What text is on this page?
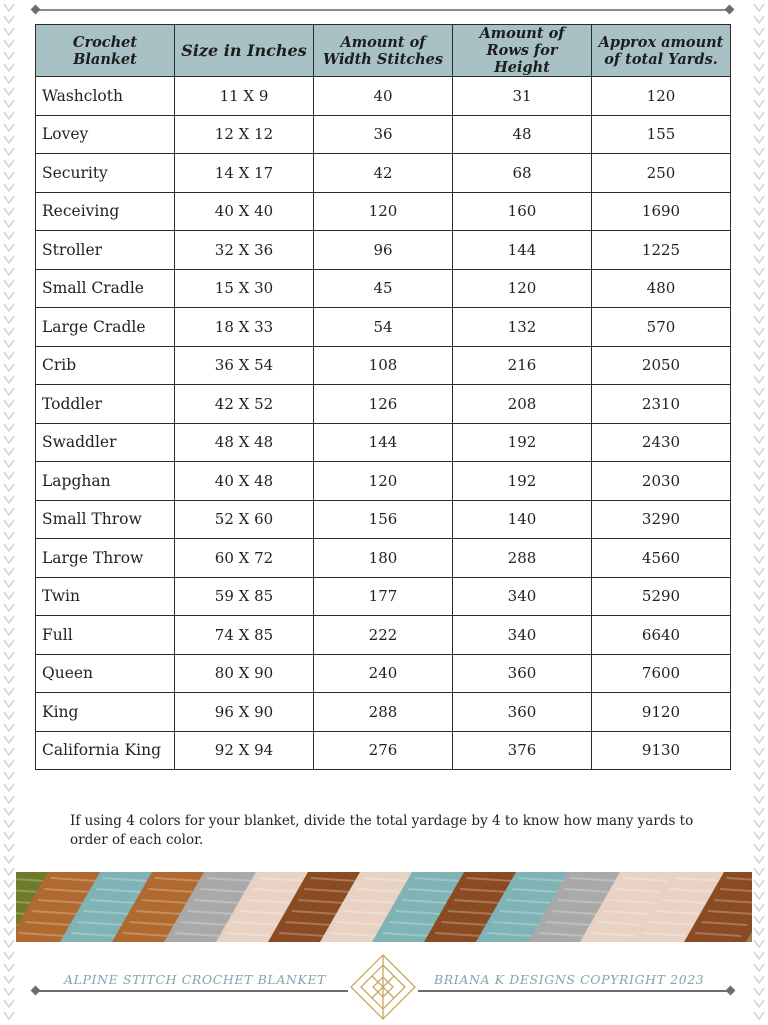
Crochet Blanket	Size in Inches	Amount of Width Stitches	Amount of Rows for Height	Approx amount of total Yards.
Washcloth	11 X 9	40	31	120
Lovey	12 X 12	36	48	155
Security	14 X 17	42	68	250
Receiving	40 X 40	120	160	1690
Stroller	32 X 36	96	144	1225
Small Cradle	15 X 30	45	120	480
Large Cradle	18 X 33	54	132	570
Crib	36 X 54	108	216	2050
Toddler	42 X 52	126	208	2310
Swaddler	48 X 48	144	192	2430
Lapghan	40 X 48	120	192	2030
Small Throw	52 X 60	156	140	3290
Large Throw	60 X 72	180	288	4560
Twin	59 X 85	177	340	5290
Full	74 X 85	222	340	6640
Queen	80 X 90	240	360	7600
King	96 X 90	288	360	9120
California King	92 X 94	276	376	9130
If using 4 colors for your blanket, divide the total yardage by 4 to know how many yards to order of each color.
ALPINE STITCH CROCHET BLANKET	BRIANA K DESIGNS COPYRIGHT 2023
